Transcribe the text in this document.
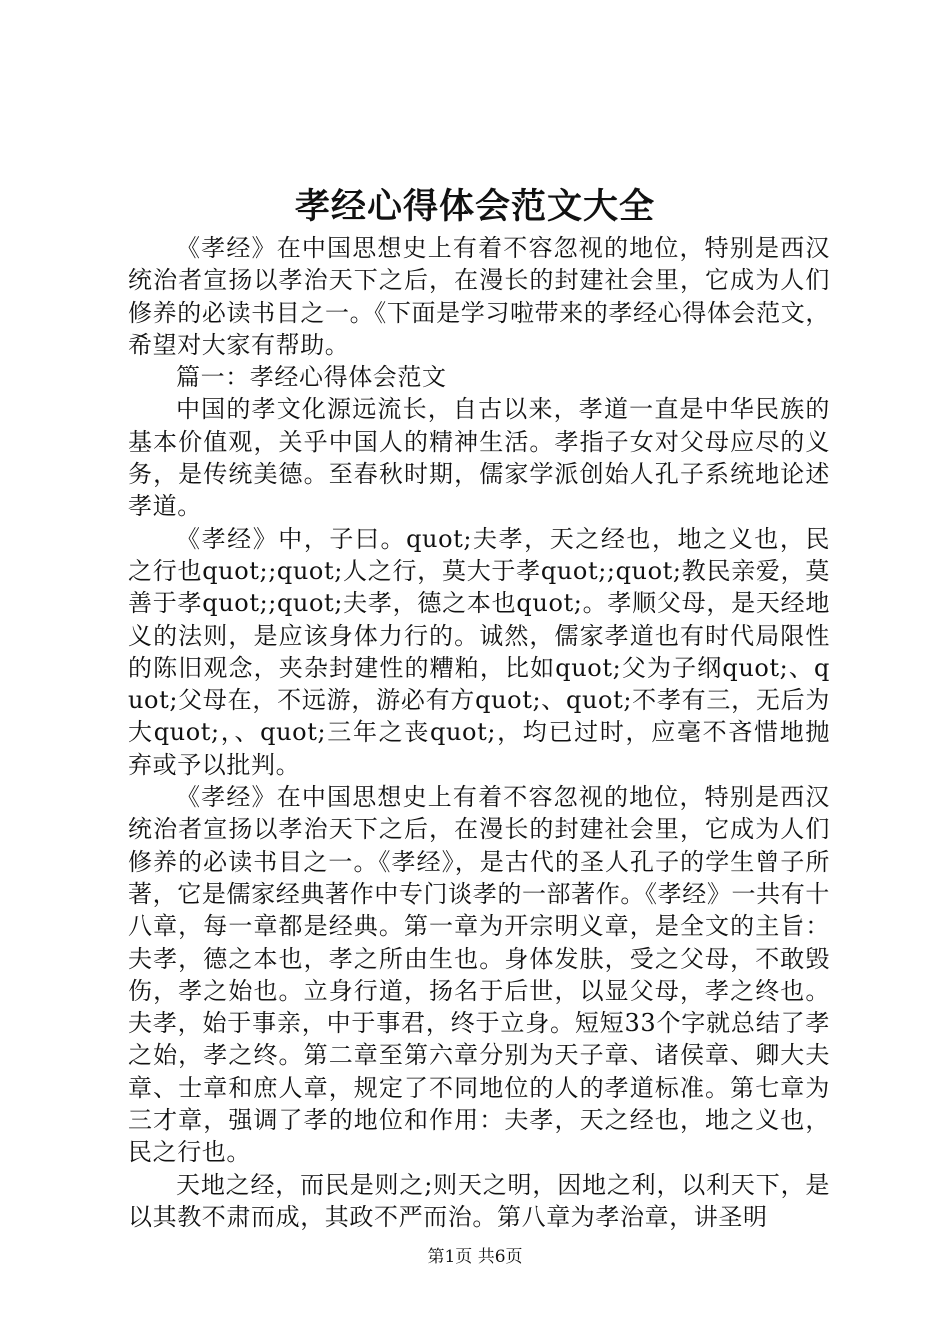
孝经心得体会范文大全

《孝经》在中国思想史上有着不容忽视的地位，特别是西汉统治者宣扬以孝治天下之后，在漫长的封建社会里，它成为人们修养的必读书目之一。《下面是学习啦带来的孝经心得体会范文，希望对大家有帮助。

篇一：孝经心得体会范文

中国的孝文化源远流长，自古以来，孝道一直是中华民族的基本价值观，关乎中国人的精神生活。孝指子女对父母应尽的义务，是传统美德。至春秋时期，儒家学派创始人孔子系统地论述孝道。

《孝经》中，子曰。quot;夫孝，天之经也，地之义也，民之行也quot;;quot;人之行，莫大于孝quot;;quot;教民亲爱，莫善于孝quot;;quot;夫孝，德之本也quot;。孝顺父母，是天经地义的法则，是应该身体力行的。诚然，儒家孝道也有时代局限性的陈旧观念，夹杂封建性的糟粕，比如quot;父为子纲quot;、quot;父母在，不远游，游必有方quot;、quot;不孝有三，无后为大quot;，、quot;三年之丧quot;，均已过时，应毫不吝惜地抛弃或予以批判。

《孝经》在中国思想史上有着不容忽视的地位，特别是西汉统治者宣扬以孝治天下之后，在漫长的封建社会里，它成为人们修养的必读书目之一。《孝经》，是古代的圣人孔子的学生曾子所著，它是儒家经典著作中专门谈孝的一部著作。《孝经》一共有十八章，每一章都是经典。第一章为开宗明义章，是全文的主旨：夫孝，德之本也，孝之所由生也。身体发肤，受之父母，不敢毁伤，孝之始也。立身行道，扬名于后世，以显父母，孝之终也。夫孝，始于事亲，中于事君，终于立身。短短33个字就总结了孝之始，孝之终。第二章至第六章分别为天子章、诸侯章、卿大夫章、士章和庶人章，规定了不同地位的人的孝道标准。第七章为三才章，强调了孝的地位和作用：夫孝，天之经也，地之义也，民之行也。

天地之经，而民是则之;则天之明，因地之利，以利天下，是以其教不肃而成，其政不严而治。第八章为孝治章，讲圣明

第1页 共6页
